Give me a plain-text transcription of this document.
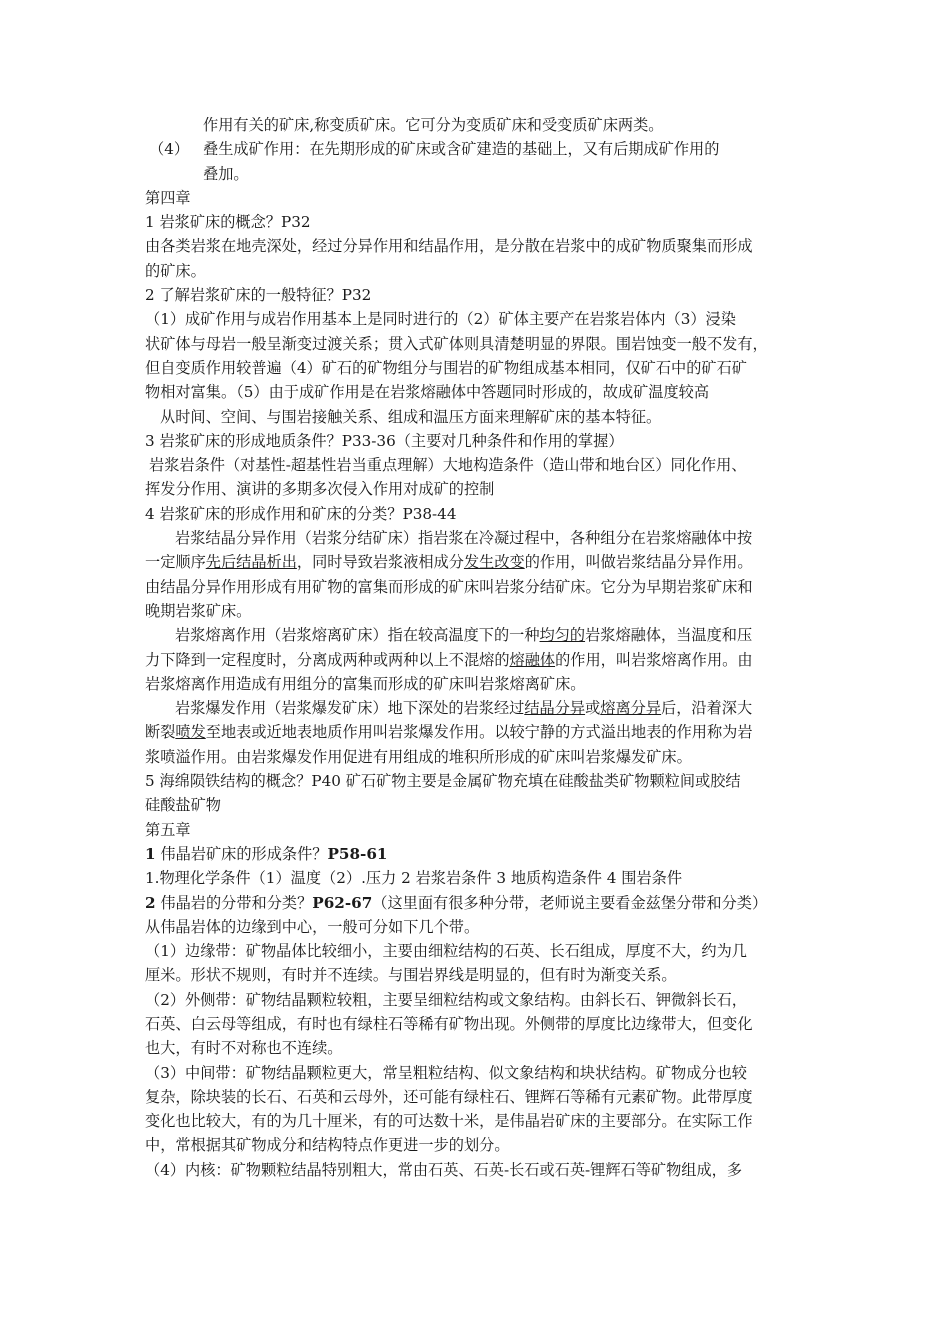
作用有关的矿床,称变质矿床。它可分为变质矿床和受变质矿床两类。
（4） 叠生成矿作用：在先期形成的矿床或含矿建造的基础上，又有后期成矿作用的
叠加。
第四章
1 岩浆矿床的概念？P32
由各类岩浆在地壳深处，经过分异作用和结晶作用，是分散在岩浆中的成矿物质聚集而形成
的矿床。
2 了解岩浆矿床的一般特征？P32
（1）成矿作用与成岩作用基本上是同时进行的（2）矿体主要产在岩浆岩体内（3）浸染
状矿体与母岩一般呈渐变过渡关系；贯入式矿体则具清楚明显的界限。围岩蚀变一般不发有，
但自变质作用较普遍（4）矿石的矿物组分与围岩的矿物组成基本相同，仅矿石中的矿石矿
物相对富集。（5）由于成矿作用是在岩浆熔融体中答题同时形成的，故成矿温度较高
从时间、空间、与围岩接触关系、组成和温压方面来理解矿床的基本特征。
3 岩浆矿床的形成地质条件？P33-36（主要对几种条件和作用的掌握）
岩浆岩条件（对基性-超基性岩当重点理解）大地构造条件（造山带和地台区）同化作用、
挥发分作用、演讲的多期多次侵入作用对成矿的控制
4 岩浆矿床的形成作用和矿床的分类？P38-44
岩浆结晶分异作用（岩浆分结矿床）指岩浆在冷凝过程中，各种组分在岩浆熔融体中按
一定顺序先后结晶析出，同时导致岩浆液相成分发生改变的作用，叫做岩浆结晶分异作用。
由结晶分异作用形成有用矿物的富集而形成的矿床叫岩浆分结矿床。它分为早期岩浆矿床和
晚期岩浆矿床。
岩浆熔离作用（岩浆熔离矿床）指在较高温度下的一种均匀的岩浆熔融体，当温度和压
力下降到一定程度时，分离成两种或两种以上不混熔的熔融体的作用，叫岩浆熔离作用。由
岩浆熔离作用造成有用组分的富集而形成的矿床叫岩浆熔离矿床。
岩浆爆发作用（岩浆爆发矿床）地下深处的岩浆经过结晶分异或熔离分异后，沿着深大
断裂喷发至地表或近地表地质作用叫岩浆爆发作用。以较宁静的方式溢出地表的作用称为岩
浆喷溢作用。由岩浆爆发作用促进有用组成的堆积所形成的矿床叫岩浆爆发矿床。
5 海绵陨铁结构的概念？P40 矿石矿物主要是金属矿物充填在硅酸盐类矿物颗粒间或胶结
硅酸盐矿物
第五章
1 伟晶岩矿床的形成条件？P58-61
1.物理化学条件（1）温度（2）.压力 2 岩浆岩条件 3 地质构造条件 4 围岩条件
2 伟晶岩的分带和分类？P62-67（这里面有很多种分带，老师说主要看金兹堡分带和分类）
从伟晶岩体的边缘到中心，一般可分如下几个带。
（1）边缘带：矿物晶体比较细小，主要由细粒结构的石英、长石组成，厚度不大，约为几
厘米。形状不规则，有时并不连续。与围岩界线是明显的，但有时为渐变关系。
（2）外侧带：矿物结晶颗粒较粗，主要呈细粒结构或文象结构。由斜长石、钾微斜长石，
石英、白云母等组成，有时也有绿柱石等稀有矿物出现。外侧带的厚度比边缘带大，但变化
也大，有时不对称也不连续。
（3）中间带：矿物结晶颗粒更大，常呈粗粒结构、似文象结构和块状结构。矿物成分也较
复杂，除块装的长石、石英和云母外，还可能有绿柱石、锂辉石等稀有元素矿物。此带厚度
变化也比较大，有的为几十厘米，有的可达数十米，是伟晶岩矿床的主要部分。在实际工作
中，常根据其矿物成分和结构特点作更进一步的划分。
（4）内核：矿物颗粒结晶特别粗大，常由石英、石英-长石或石英-锂辉石等矿物组成，多
